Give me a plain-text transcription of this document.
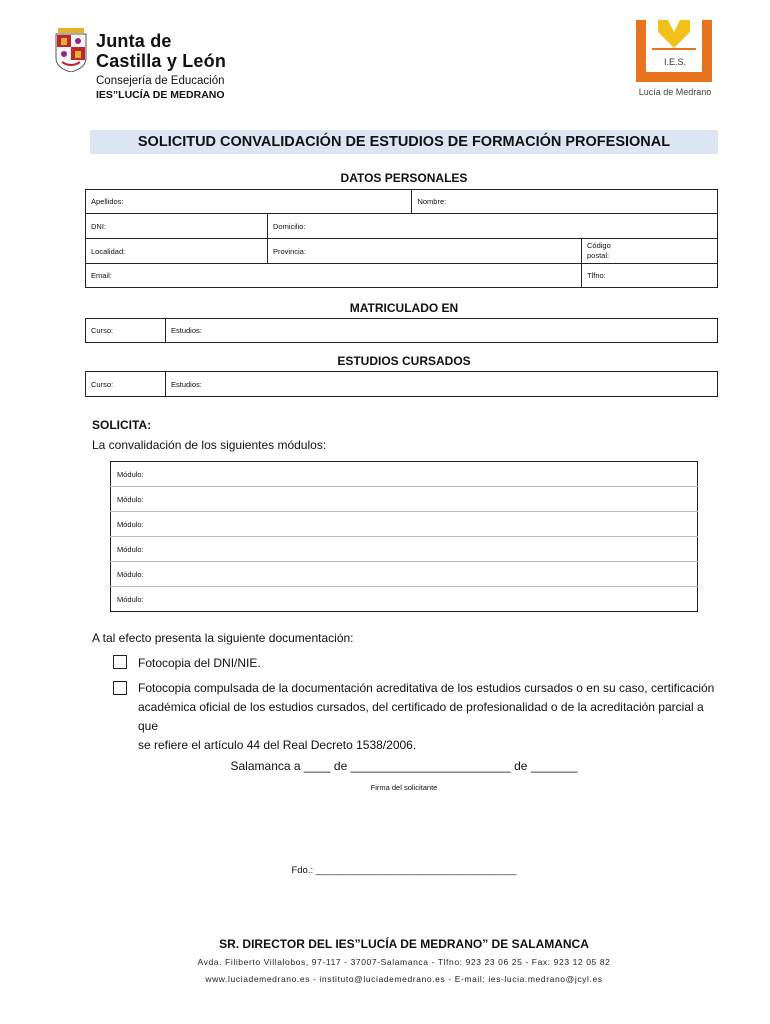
Junta de
Castilla y León
Consejería de Educación
IES”LUCÍA DE MEDRANO
I.E.S.
Lucía de Medrano
SOLICITUD CONVALIDACIÓN DE ESTUDIOS DE FORMACIÓN PROFESIONAL
DATOS PERSONALES
Apellidos:		Nombre:	
DNI:	Domicilio:		
Localidad:	Provincia:		Código
postal:
Email:			Tlfno:
MATRICULADO EN
Curso:	Estudios:
ESTUDIOS CURSADOS
Curso:	Estudios:
SOLICITA:
La convalidación de los siguientes módulos:
Módulo:
Módulo:
Módulo:
Módulo:
Módulo:
Módulo:
A tal efecto presenta la siguiente documentación:
Fotocopia del DNI/NIE.
Fotocopia compulsada de la documentación acreditativa de los estudios cursados o en su caso, certificación
académica oficial de los estudios cursados, del certificado de profesionalidad o de la acreditación parcial a que
se refiere el artículo 44 del Real Decreto 1538/2006.
Salamanca a ____ de ________________________ de _______
Firma del solicitante
Fdo.: ______________________________________
SR. DIRECTOR DEL IES”LUCÍA DE MEDRANO” DE SALAMANCA
Avda. Filiberto Villalobos, 97-117 - 37007-Salamanca - Tlfno: 923 23 06 25 - Fax: 923 12 05 82
www.luciademedrano.es - instituto@luciademedrano.es - E-mail: ies-lucia.medrano@jcyl.es
